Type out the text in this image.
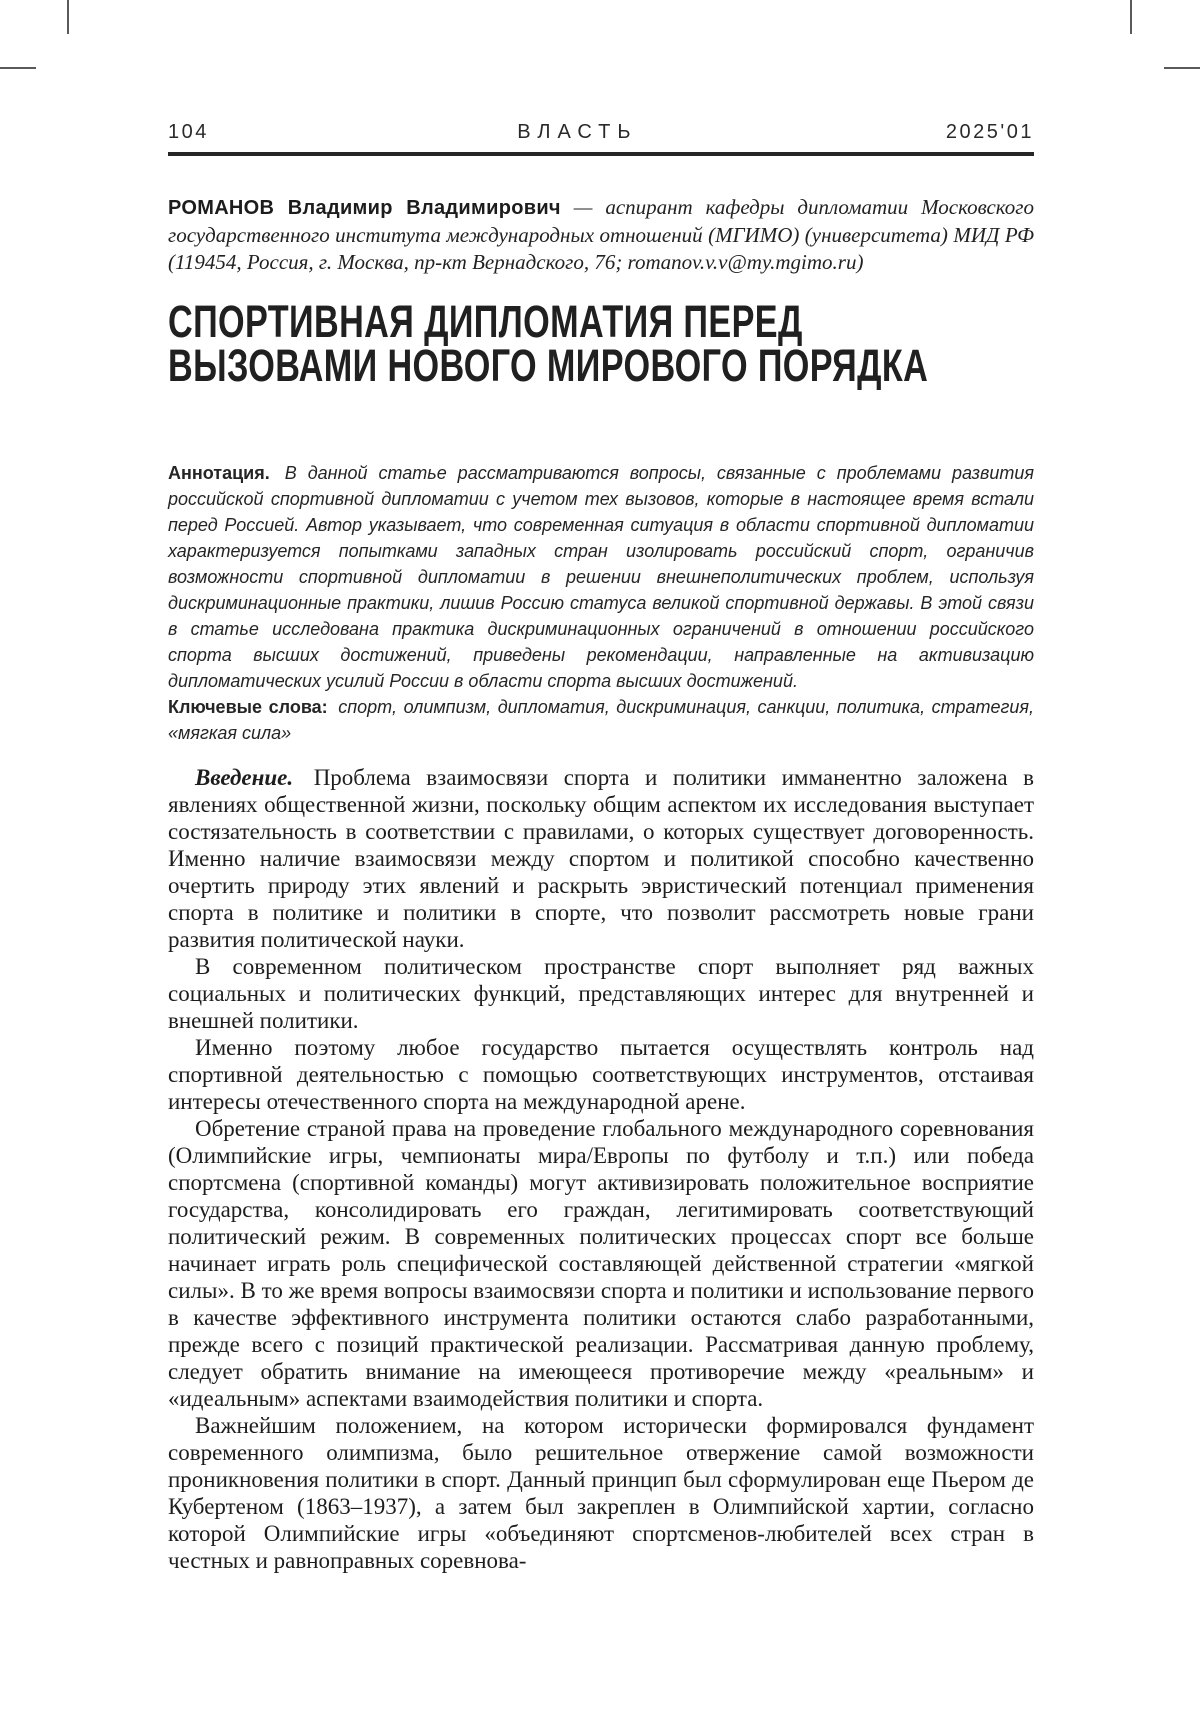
104	ВЛАСТЬ	2025'01

РОМАНОВ Владимир Владимирович — аспирант кафедры дипломатии Московского государственного института международных отношений (МГИМО) (университета) МИД РФ (119454, Россия, г. Москва, пр-кт Вернадского, 76; romanov.v.v@my.mgimo.ru)

СПОРТИВНАЯ ДИПЛОМАТИЯ ПЕРЕД
ВЫЗОВАМИ НОВОГО МИРОВОГО ПОРЯДКА

Аннотация. В данной статье рассматриваются вопросы, связанные с проблемами развития российской спортивной дипломатии с учетом тех вызовов, которые в настоящее время встали перед Россией. Автор указывает, что современная ситуация в области спортивной дипломатии характеризуется попытками западных стран изолировать российский спорт, ограничив возможности спортивной дипломатии в решении внешнеполитических проблем, используя дискриминационные практики, лишив Россию статуса великой спортивной державы. В этой связи в статье исследована практика дискриминационных ограничений в отношении российского спорта высших достижений, приведены рекомендации, направленные на активизацию дипломатических усилий России в области спорта высших достижений.

Ключевые слова: спорт, олимпизм, дипломатия, дискриминация, санкции, политика, стратегия, «мягкая сила»

Введение. Проблема взаимосвязи спорта и политики имманентно заложена в явлениях общественной жизни, поскольку общим аспектом их исследования выступает состязательность в соответствии с правилами, о которых существует договоренность. Именно наличие взаимосвязи между спортом и политикой способно качественно очертить природу этих явлений и раскрыть эвристический потенциал применения спорта в политике и политики в спорте, что позволит рассмотреть новые грани развития политической науки.

В современном политическом пространстве спорт выполняет ряд важных социальных и политических функций, представляющих интерес для внутренней и внешней политики.

Именно поэтому любое государство пытается осуществлять контроль над спортивной деятельностью с помощью соответствующих инструментов, отстаивая интересы отечественного спорта на международной арене.

Обретение страной права на проведение глобального международного соревнования (Олимпийские игры, чемпионаты мира/Европы по футболу и т.п.) или победа спортсмена (спортивной команды) могут активизировать положительное восприятие государства, консолидировать его граждан, легитимировать соответствующий политический режим. В современных политических процессах спорт все больше начинает играть роль специфической составляющей действенной стратегии «мягкой силы». В то же время вопросы взаимосвязи спорта и политики и использование первого в качестве эффективного инструмента политики остаются слабо разработанными, прежде всего с позиций практической реализации. Рассматривая данную проблему, следует обратить внимание на имеющееся противоречие между «реальным» и «идеальным» аспектами взаимодействия политики и спорта.

Важнейшим положением, на котором исторически формировался фундамент современного олимпизма, было решительное отвержение самой возможности проникновения политики в спорт. Данный принцип был сформулирован еще Пьером де Кубертеном (1863–1937), а затем был закреплен в Олимпийской хартии, согласно которой Олимпийские игры «объединяют спортсменов-любителей всех стран в честных и равноправных соревнова-
